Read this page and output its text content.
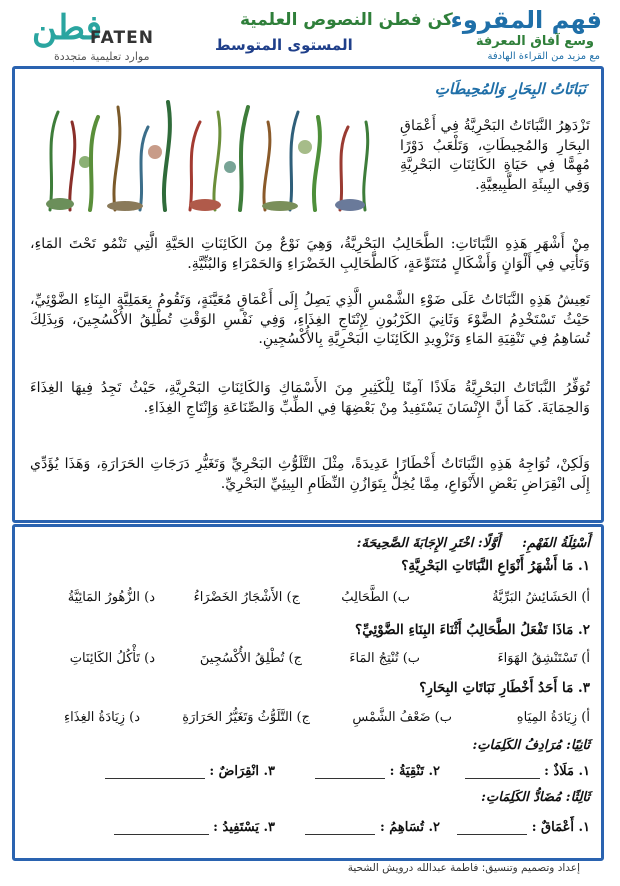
فهم المقروء
وسع آفاق المعرفة
مع مزيد من القراءة الهادفة
كن فطن النصوص العلمية
المستوى المتوسط
فطن
FATEN
موارد تعليمية متجددة
نَبَاتَاتُ البِحَارِ وَالمُحِيطَاتِ
تَزْدَهِرُ النَّبَاتَاتُ البَحْرِيَّةُ فِي أَعْمَاقِ البِحَارِ وَالمُحِيطَاتِ، وَتَلْعَبُ دَوْرًا مُهِمًّا فِي حَيَاةِ الكَائِنَاتِ البَحْرِيَّةِ وَفِي البِيئَةِ الطَّبِيعِيَّةِ.
مِنْ أَشْهَرِ هَذِهِ النَّبَاتَاتِ: الطَّحَالِبُ البَحْرِيَّةُ، وَهِيَ نَوْعٌ مِنَ الكَائِنَاتِ الحَيَّةِ الَّتِي تَنْمُو تَحْتَ المَاءِ، وَتَأْتِي فِي أَلْوَانٍ وَأَشْكَالٍ مُتَنَوِّعَةٍ، كَالطَّحَالِبِ الخَضْرَاءِ وَالحَمْرَاءِ وَالبُنِّيَّةِ.
تَعِيشُ هَذِهِ النَّبَاتَاتُ عَلَى ضَوْءِ الشَّمْسِ الَّذِي يَصِلُ إِلَى أَعْمَاقٍ مُعَيَّنَةٍ، وَتَقُومُ بِعَمَلِيَّةِ البِنَاءِ الضَّوْئِيِّ، حَيْثُ تَسْتَخْدِمُ الضَّوْءَ وَثَانِيَ الكَرْبُونِ لِإِنْتَاجِ الغِذَاءِ، وَفِي نَفْسِ الوَقْتِ تُطْلِقُ الأُكْسُجِينَ، وَبِذَلِكَ تُسَاهِمُ فِي تَنْقِيَةِ المَاءِ وَتَزْوِيدِ الكَائِنَاتِ البَحْرِيَّةِ بِالأُكْسُجِينِ.
تُوَفِّرُ النَّبَاتَاتُ البَحْرِيَّةُ مَلَاذًا آمِنًا لِلْكَثِيرِ مِنَ الأَسْمَاكِ وَالكَائِنَاتِ البَحْرِيَّةِ، حَيْثُ تَجِدُ فِيهَا الغِذَاءَ وَالحِمَايَةَ. كَمَا أَنَّ الإِنْسَانَ يَسْتَفِيدُ مِنْ بَعْضِهَا فِي الطِّبِّ وَالصِّنَاعَةِ وَإِنْتَاجِ الغِذَاءِ.
وَلَكِنْ، تُوَاجِهُ هَذِهِ النَّبَاتَاتُ أَخْطَارًا عَدِيدَةً، مِثْلَ التَّلَوُّثِ البَحْرِيِّ وَتَغَيُّرِ دَرَجَاتِ الحَرَارَةِ، وَهَذَا يُؤَدِّي إِلَى انْقِرَاضِ بَعْضِ الأَنْوَاعِ، مِمَّا يُخِلُّ بِتَوَازُنِ النِّظَامِ البِيئِيِّ البَحْرِيِّ.
أَسْئِلَةُ الفَهْمِ:
أَوَّلًا: اخْتَرِ الإِجَابَةَ الصَّحِيحَةَ:
١. مَا أَشْهَرُ أَنْوَاعِ النَّبَاتَاتِ البَحْرِيَّةِ؟
أ) الحَشَائِشُ البَرِّيَّةُ
ب) الطَّحَالِبُ
ج) الأَشْجَارُ الخَضْرَاءُ
د) الزُّهُورُ المَائِيَّةُ
٢. مَاذَا تَفْعَلُ الطَّحَالِبُ أَثْنَاءَ البِنَاءِ الضَّوْئِيِّ؟
أ) تَسْتَنْشِقُ الهَوَاءَ
ب) تُنْتِجُ المَاءَ
ج) تُطْلِقُ الأُكْسُجِينَ
د) تَأْكُلُ الكَائِنَاتِ
٣. مَا أَحَدُ أَخْطَارِ نَبَاتَاتِ البِحَارِ؟
أ) زِيَادَةُ المِيَاهِ
ب) ضَعْفُ الشَّمْسِ
ج) التَّلَوُّثُ وَتَغَيُّرُ الحَرَارَةِ
د) زِيَادَةُ الغِذَاءِ
ثَانِيًا: مُرَادِفُ الكَلِمَاتِ:
١. مَلَاذٌ :
٢. تَنْقِيَةُ :
٣. انْقِرَاضٌ :
ثَالِثًا: مُضَادُّ الكَلِمَاتِ:
١. أَعْمَاقٌ :
٢. تُسَاهِمُ :
٣. يَسْتَفِيدُ :
إعداد وتصميم وتنسيق: فاطمة عبدالله درويش الشحية
